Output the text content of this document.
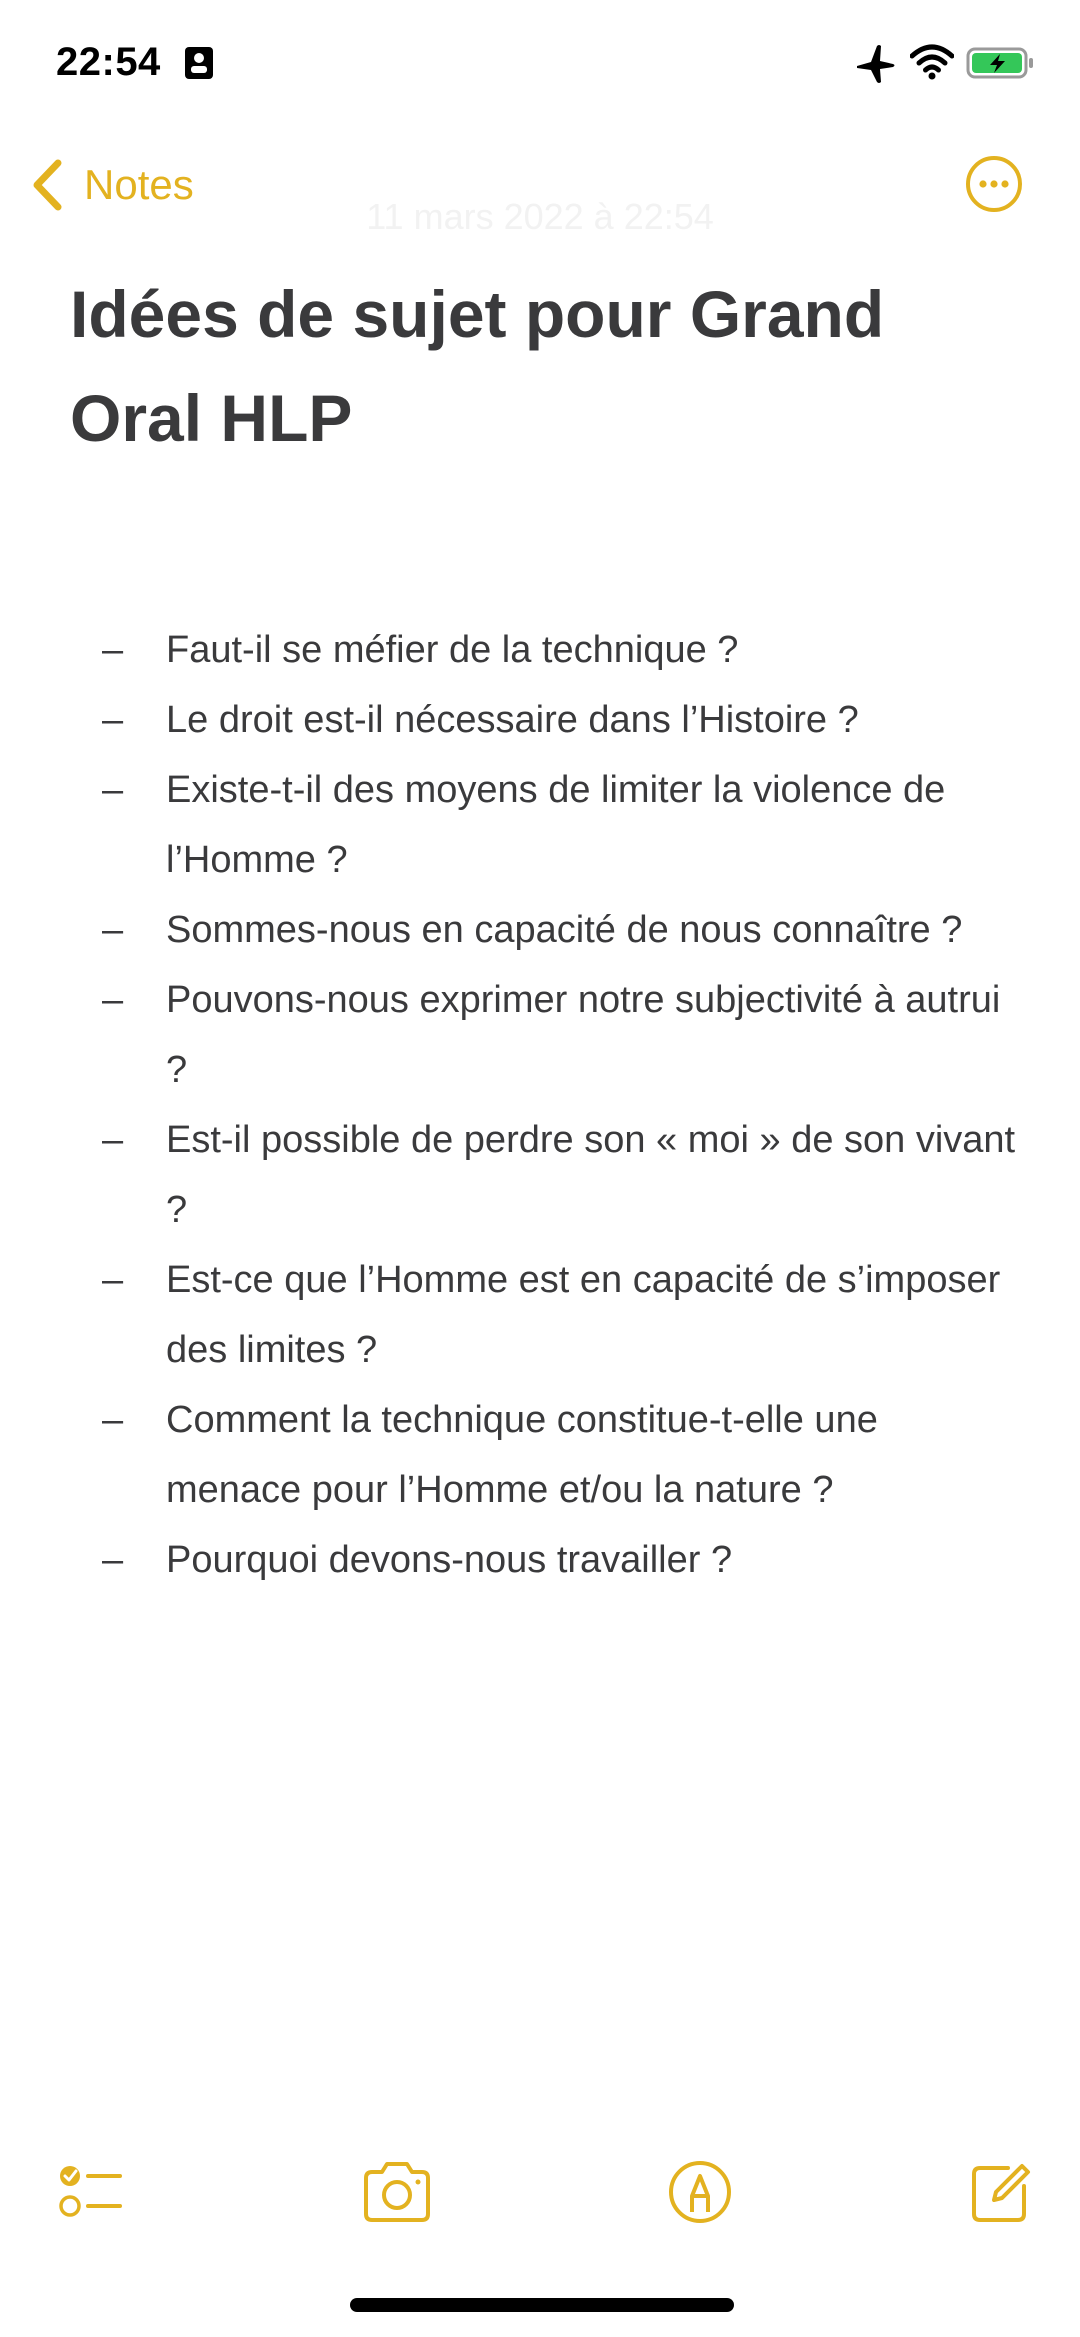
22:54
Notes
11 mars 2022 à 22:54
Idées de sujet pour Grand Oral HLP
– Faut-il se méfier de la technique ?
– Le droit est-il nécessaire dans l’Histoire ?
– Existe-t-il des moyens de limiter la violence de l’Homme ?
– Sommes-nous en capacité de nous connaître ?
– Pouvons-nous exprimer notre subjectivité à autrui ?
– Est-il possible de perdre son « moi » de son vivant ?
– Est-ce que l’Homme est en capacité de s’imposer des limites ?
– Comment la technique constitue-t-elle une menace pour l’Homme et/ou la nature ?
– Pourquoi devons-nous travailler ?
